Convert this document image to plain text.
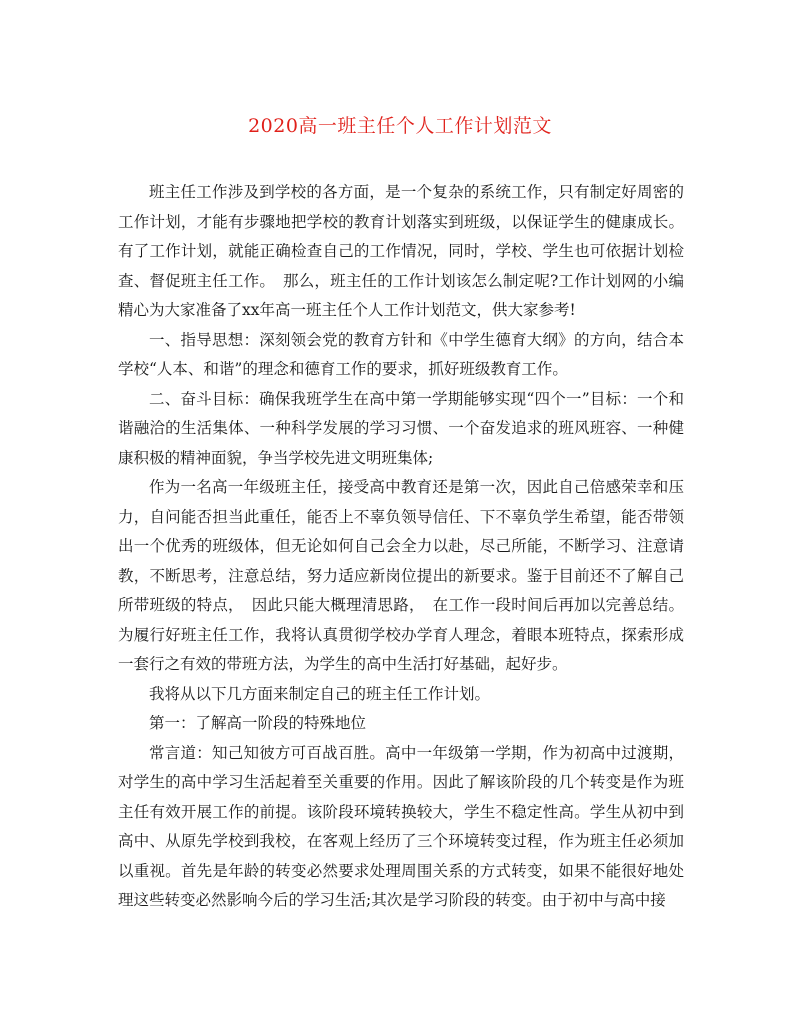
2020高一班主任个人工作计划范文

班主任工作涉及到学校的各方面，是一个复杂的系统工作，只有制定好周密的工作计划，才能有步骤地把学校的教育计划落实到班级，以保证学生的健康成长。有了工作计划，就能正确检查自己的工作情况，同时，学校、学生也可依据计划检查、督促班主任工作。　那么，班主任的工作计划该怎么制定呢?工作计划网的小编精心为大家准备了xx年高一班主任个人工作计划范文，供大家参考!

一、指导思想：深刻领会党的教育方针和《中学生德育大纲》的方向，结合本学校“人本、和谐”的理念和德育工作的要求，抓好班级教育工作。

二、奋斗目标：确保我班学生在高中第一学期能够实现“四个一”目标：一个和谐融洽的生活集体、一种科学发展的学习习惯、一个奋发追求的班风班容、一种健康积极的精神面貌，争当学校先进文明班集体;

作为一名高一年级班主任，接受高中教育还是第一次，因此自己倍感荣幸和压力，自问能否担当此重任，能否上不辜负领导信任、下不辜负学生希望，能否带领出一个优秀的班级体，但无论如何自己会全力以赴，尽己所能，不断学习、注意请教，不断思考，注意总结，努力适应新岗位提出的新要求。鉴于目前还不了解自己所带班级的特点，　因此只能大概理清思路，　在工作一段时间后再加以完善总结。为履行好班主任工作，我将认真贯彻学校办学育人理念，着眼本班特点，探索形成一套行之有效的带班方法，为学生的高中生活打好基础，起好步。

我将从以下几方面来制定自己的班主任工作计划。

第一：了解高一阶段的特殊地位

常言道：知己知彼方可百战百胜。高中一年级第一学期，作为初高中过渡期，对学生的高中学习生活起着至关重要的作用。因此了解该阶段的几个转变是作为班主任有效开展工作的前提。该阶段环境转换较大，学生不稳定性高。学生从初中到高中、从原先学校到我校，在客观上经历了三个环境转变过程，作为班主任必须加以重视。首先是年龄的转变必然要求处理周围关系的方式转变，如果不能很好地处理这些转变必然影响今后的学习生活;其次是学习阶段的转变。由于初中与高中接
